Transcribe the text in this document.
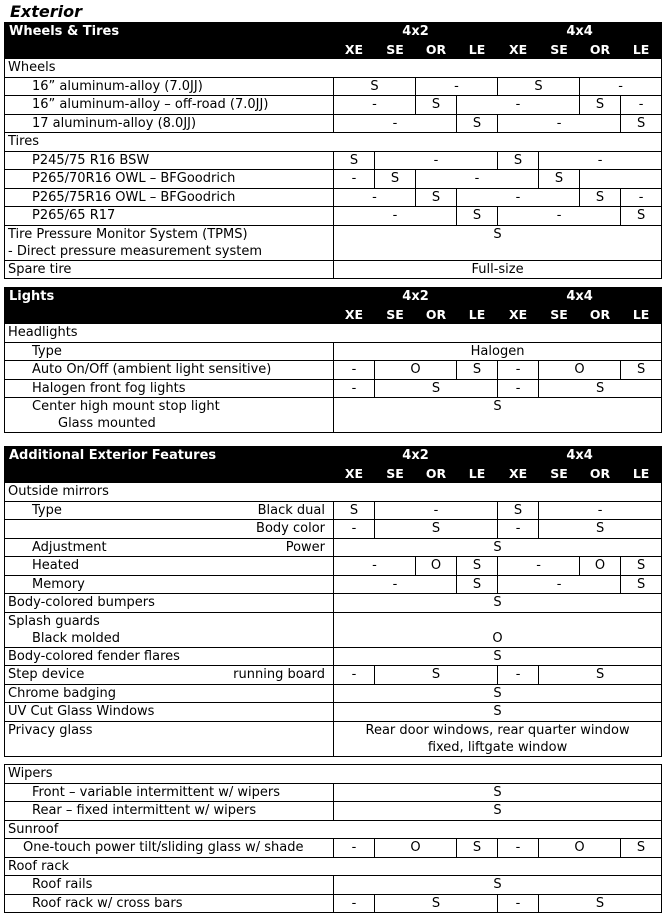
Exterior
Wheels & Tires	4x2				4x4			
	XE	SE	OR	LE	XE	SE	OR	LE
Wheels								
16” aluminum-alloy (7.0JJ)	S		-		S		-	
16” aluminum-alloy – off-road (7.0JJ)	-		S	-			S	-
17 aluminum-alloy (8.0JJ)	-			S	-			S
Tires								
P245/75 R16 BSW	S	-			S	-		
P265/70R16 OWL – BFGoodrich	-	S	-			S		
P265/75R16 OWL – BFGoodrich	-		S	-			S	-
P265/65 R17	-			S	-			S
Tire Pressure Monitor System (TPMS)
- Direct pressure measurement system	S							
Spare tire	Full-size							
Lights	4x2				4x4			
	XE	SE	OR	LE	XE	SE	OR	LE
Headlights								
Type	Halogen							
Auto On/Off (ambient light sensitive)	-	O		S	-	O		S
Halogen front fog lights	-	S			-	S		
Center high mount stop light
Glass mounted	S							
Additional Exterior Features	4x2				4x4			
	XE	SE	OR	LE	XE	SE	OR	LE
Outside mirrors								
Type Black dual	S	-			S	-		

Body color	-	S			-	S		
Adjustment Power	S							
Heated	-		O	S	-		O	S
Memory	-			S	-			S
Body-colored bumpers	S							
Splash guards
Black molded	O							
Body-colored fender flares	S							
Step device running board	-	S			-	S		
Chrome badging	S							
UV Cut Glass Windows	S							
Privacy glass	Rear door windows, rear quarter window
fixed, liftgate window							
Wipers						
Front – variable intermittent w/ wipers	S					
Rear – fixed intermittent w/ wipers	S					
Sunroof						
One-touch power tilt/sliding glass w/ shade	-	O	S	-	O	S
Roof rack						
Roof rails	S					
Roof rack w/ cross bars	-	S		-	S	
